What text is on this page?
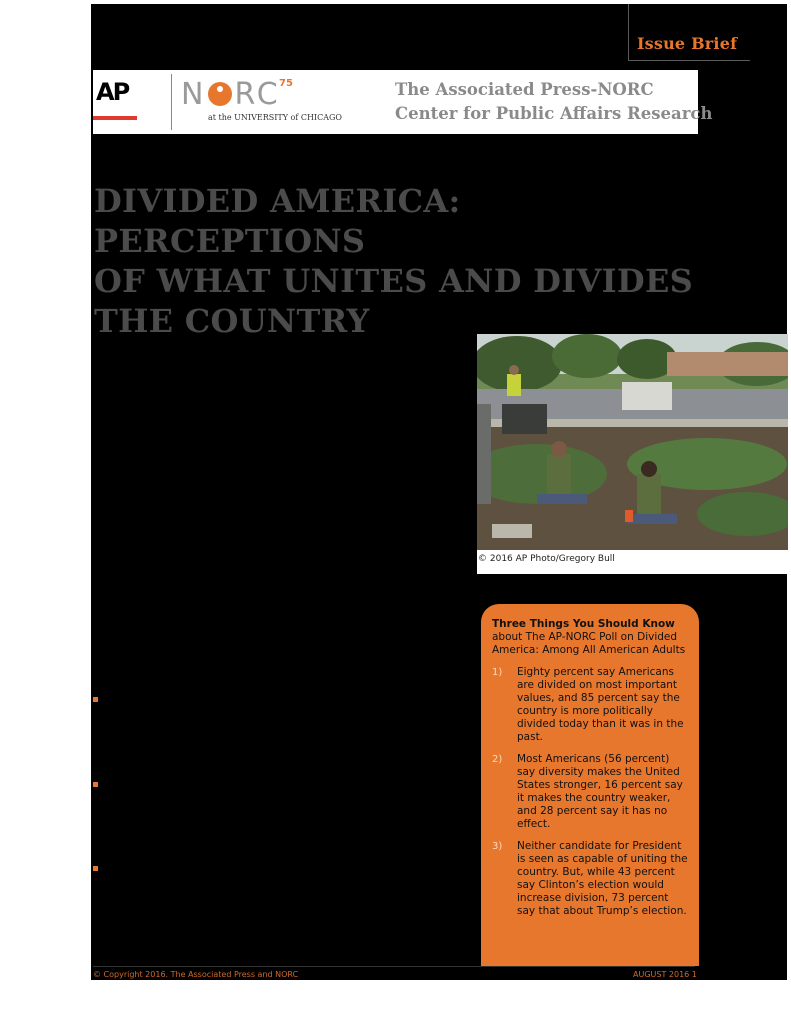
Issue Brief
AP	N RC
75
at the UNIVERSITY of CHICAGO
The Associated Press-NORC
Center for Public Affairs Research
DIVIDED AMERICA: PERCEPTIONS
OF WHAT UNITES AND DIVIDES
THE COUNTRY
© 2016 AP Photo/Gregory Bull
Three Things You Should Know
about The AP-NORC Poll on Divided America: Among All American Adults
1) Eighty percent say Americans are divided on most important values, and 85 percent say the country is more politically divided today than it was in the past.
2) Most Americans (56 percent) say diversity makes the United States stronger, 16 percent say it makes the country weaker, and 28 percent say it has no effect.
3) Neither candidate for President is seen as capable of uniting the country. But, while 43 percent say Clinton’s election would increase division, 73 percent say that about Trump’s election.
© Copyright 2016. The Associated Press and NORC	AUGUST 2016 1
